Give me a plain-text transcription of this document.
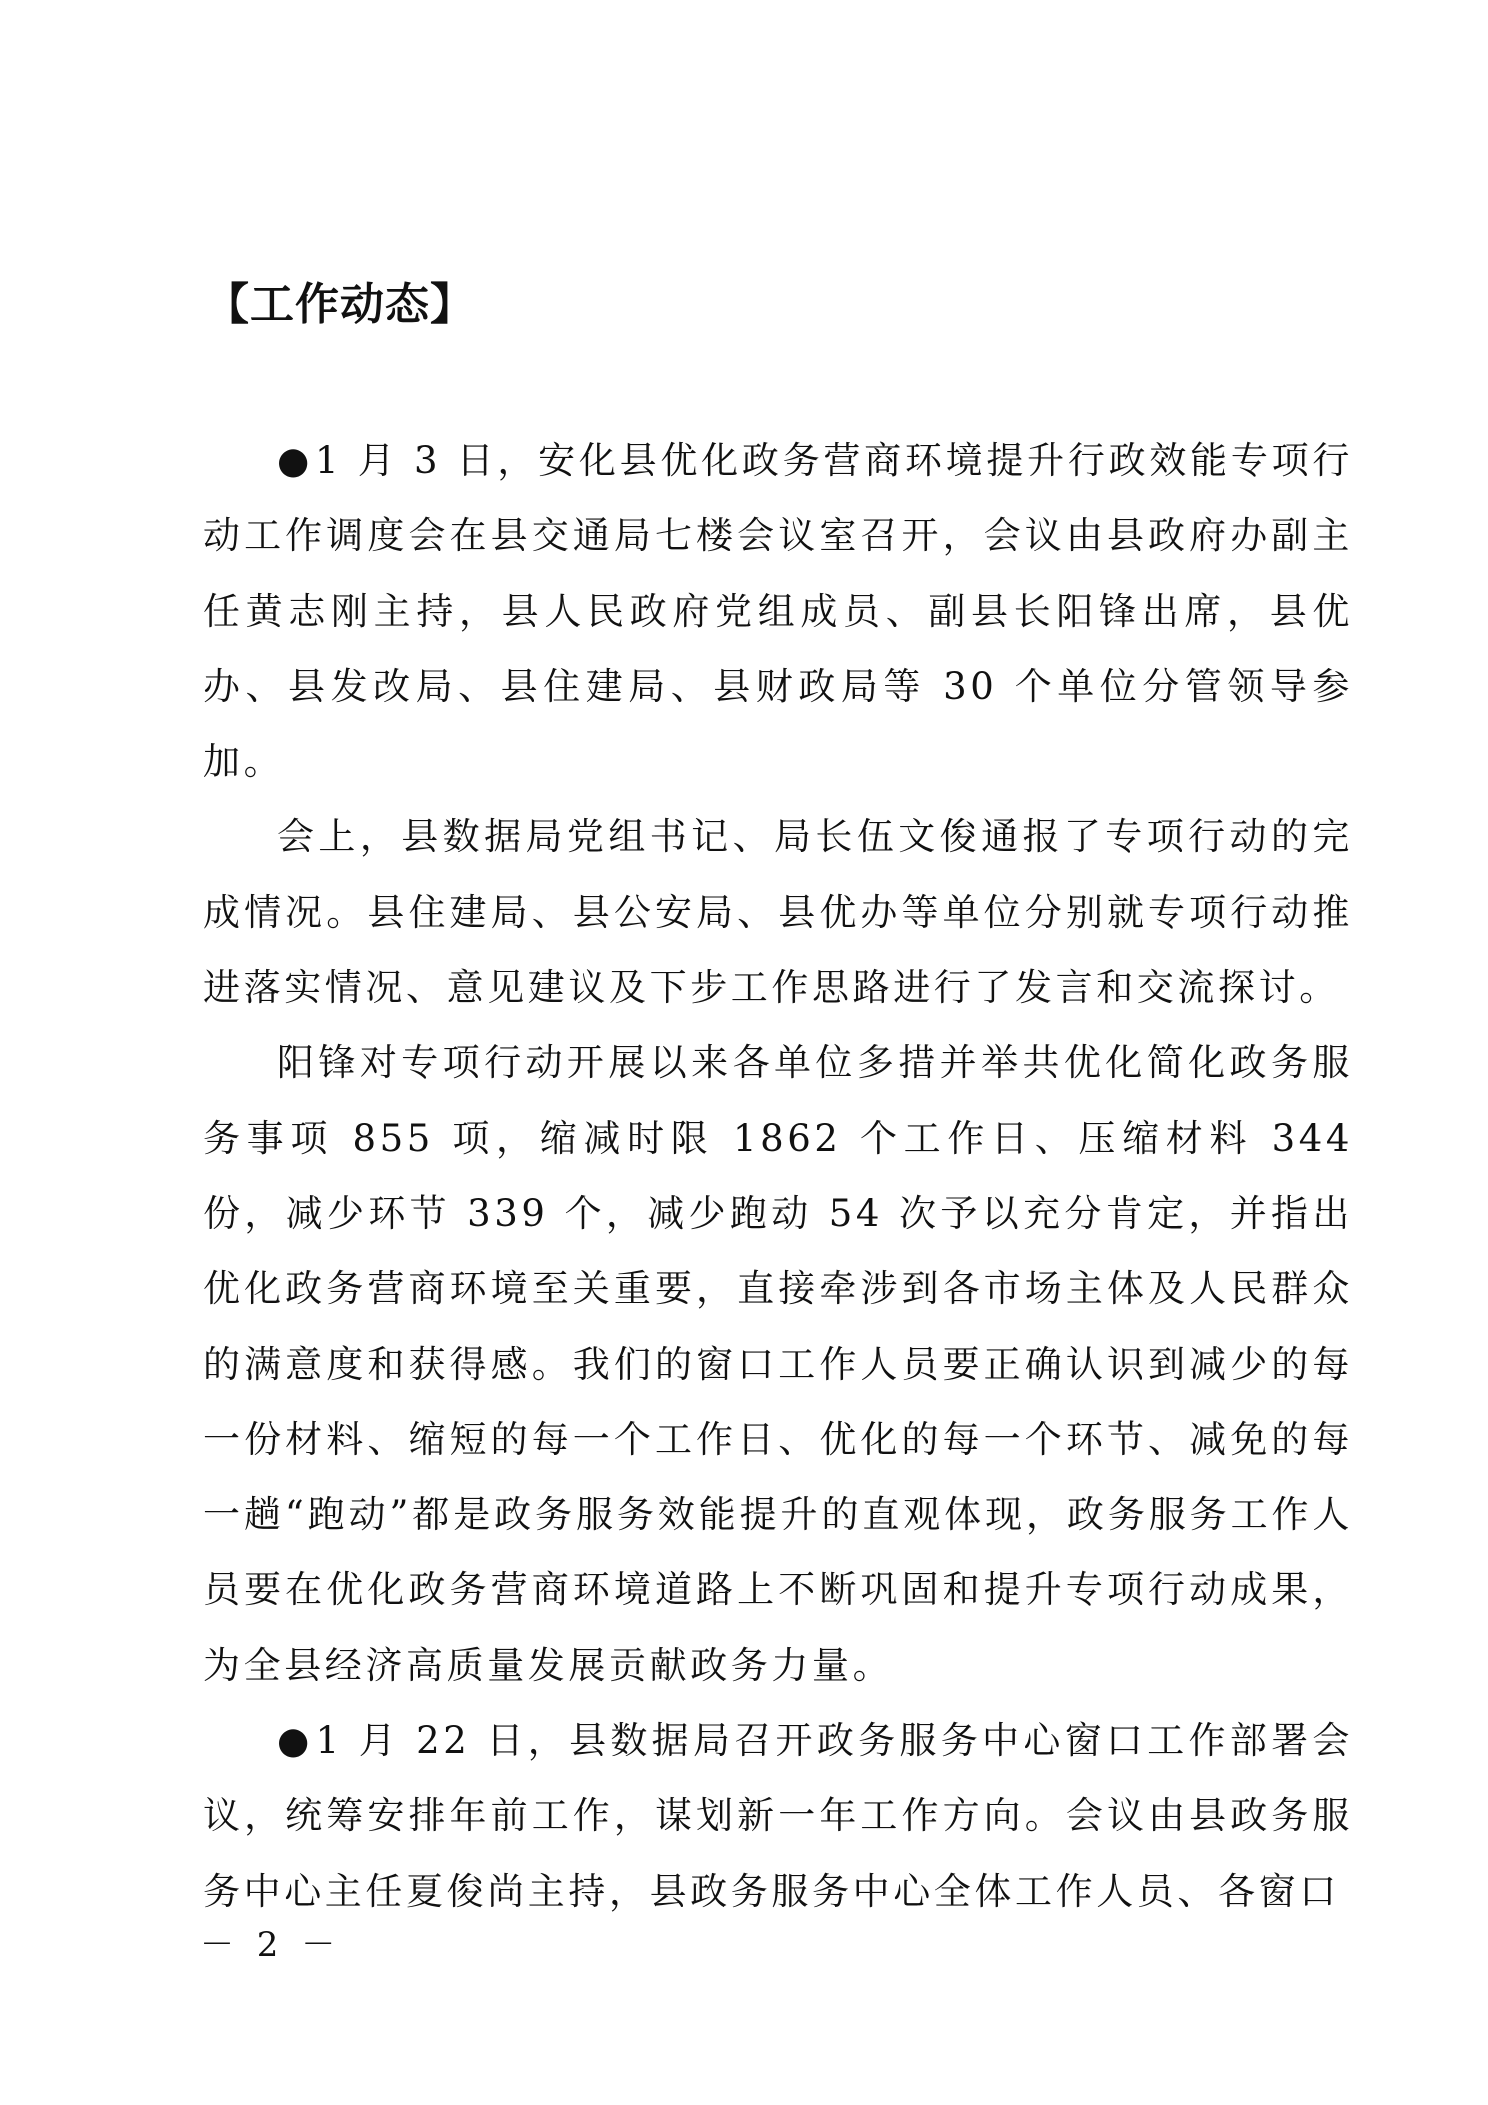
【工作动态】

● 1 月 3 日，安化县优化政务营商环境提升行政效能专项行动工作调度会在县交通局七楼会议室召开，会议由县政府办副主任黄志刚主持，县人民政府党组成员、副县长阳锋出席，县优办、县发改局、县住建局、县财政局等 30 个单位分管领导参加。

会上，县数据局党组书记、局长伍文俊通报了专项行动的完成情况。县住建局、县公安局、县优办等单位分别就专项行动推进落实情况、意见建议及下步工作思路进行了发言和交流探讨。

阳锋对专项行动开展以来各单位多措并举共优化简化政务服务事项 855 项，缩减时限 1862 个工作日、压缩材料 344 份，减少环节 339 个，减少跑动 54 次予以充分肯定，并指出优化政务营商环境至关重要，直接牵涉到各市场主体及人民群众的满意度和获得感。我们的窗口工作人员要正确认识到减少的每一份材料、缩短的每一个工作日、优化的每一个环节、减免的每一趟“跑动”都是政务服务效能提升的直观体现，政务服务工作人员要在优化政务营商环境道路上不断巩固和提升专项行动成果，为全县经济高质量发展贡献政务力量。

● 1 月 22 日，县数据局召开政务服务中心窗口工作部署会议，统筹安排年前工作，谋划新一年工作方向。会议由县政务服务中心主任夏俊尚主持，县政务服务中心全体工作人员、各窗口

－ 2 －
